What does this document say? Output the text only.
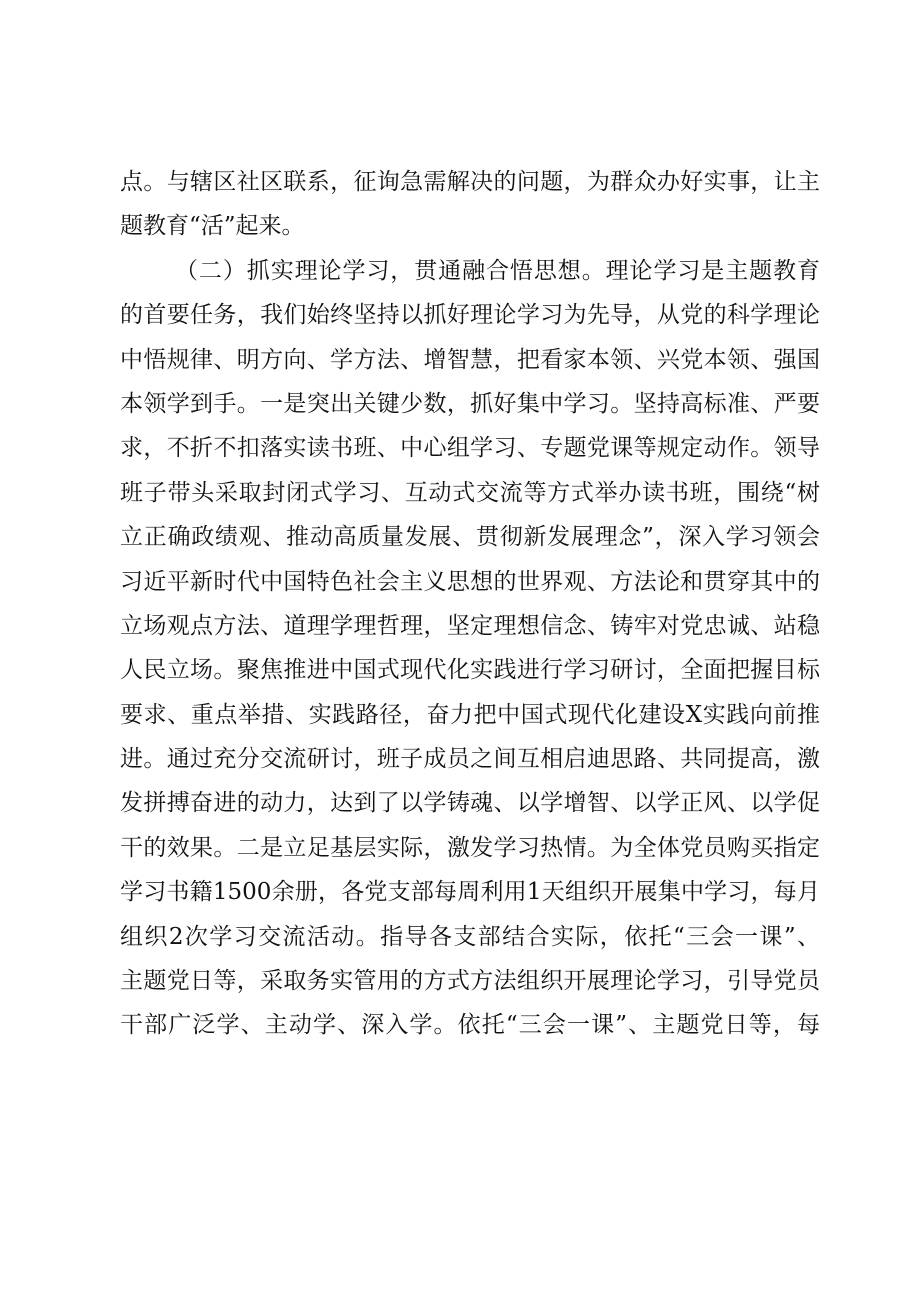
点。与辖区社区联系，征询急需解决的问题，为群众办好实事，让主
题教育“活”起来。
（二）抓实理论学习，贯通融合悟思想。理论学习是主题教育
的首要任务，我们始终坚持以抓好理论学习为先导，从党的科学理论
中悟规律、明方向、学方法、增智慧，把看家本领、兴党本领、强国
本领学到手。一是突出关键少数，抓好集中学习。坚持高标准、严要
求，不折不扣落实读书班、中心组学习、专题党课等规定动作。领导
班子带头采取封闭式学习、互动式交流等方式举办读书班，围绕“树
立正确政绩观、推动高质量发展、贯彻新发展理念”，深入学习领会
习近平新时代中国特色社会主义思想的世界观、方法论和贯穿其中的
立场观点方法、道理学理哲理，坚定理想信念、铸牢对党忠诚、站稳
人民立场。聚焦推进中国式现代化实践进行学习研讨，全面把握目标
要求、重点举措、实践路径，奋力把中国式现代化建设X实践向前推
进。通过充分交流研讨，班子成员之间互相启迪思路、共同提高，激
发拼搏奋进的动力，达到了以学铸魂、以学增智、以学正风、以学促
干的效果。二是立足基层实际，激发学习热情。为全体党员购买指定
学习书籍1500余册，各党支部每周利用1天组织开展集中学习，每月
组织2次学习交流活动。指导各支部结合实际，依托“三会一课”、
主题党日等，采取务实管用的方式方法组织开展理论学习，引导党员
干部广泛学、主动学、深入学。依托“三会一课”、主题党日等，每
